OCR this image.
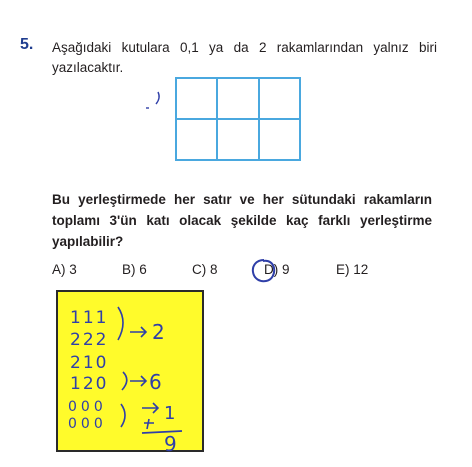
5. Aşağıdaki kutulara 0,1 ya da 2 rakamlarından yalnız biri yazılacaktır.
Bu yerleştirmede her satır ve her sütundaki rakamların toplamı 3'ün katı olacak şekilde kaç farklı yerleştirme yapılabilir?
A) 3	B) 6	C) 8	D) 9	E) 12
111
222 2
210
120 6
000
000	1
9
